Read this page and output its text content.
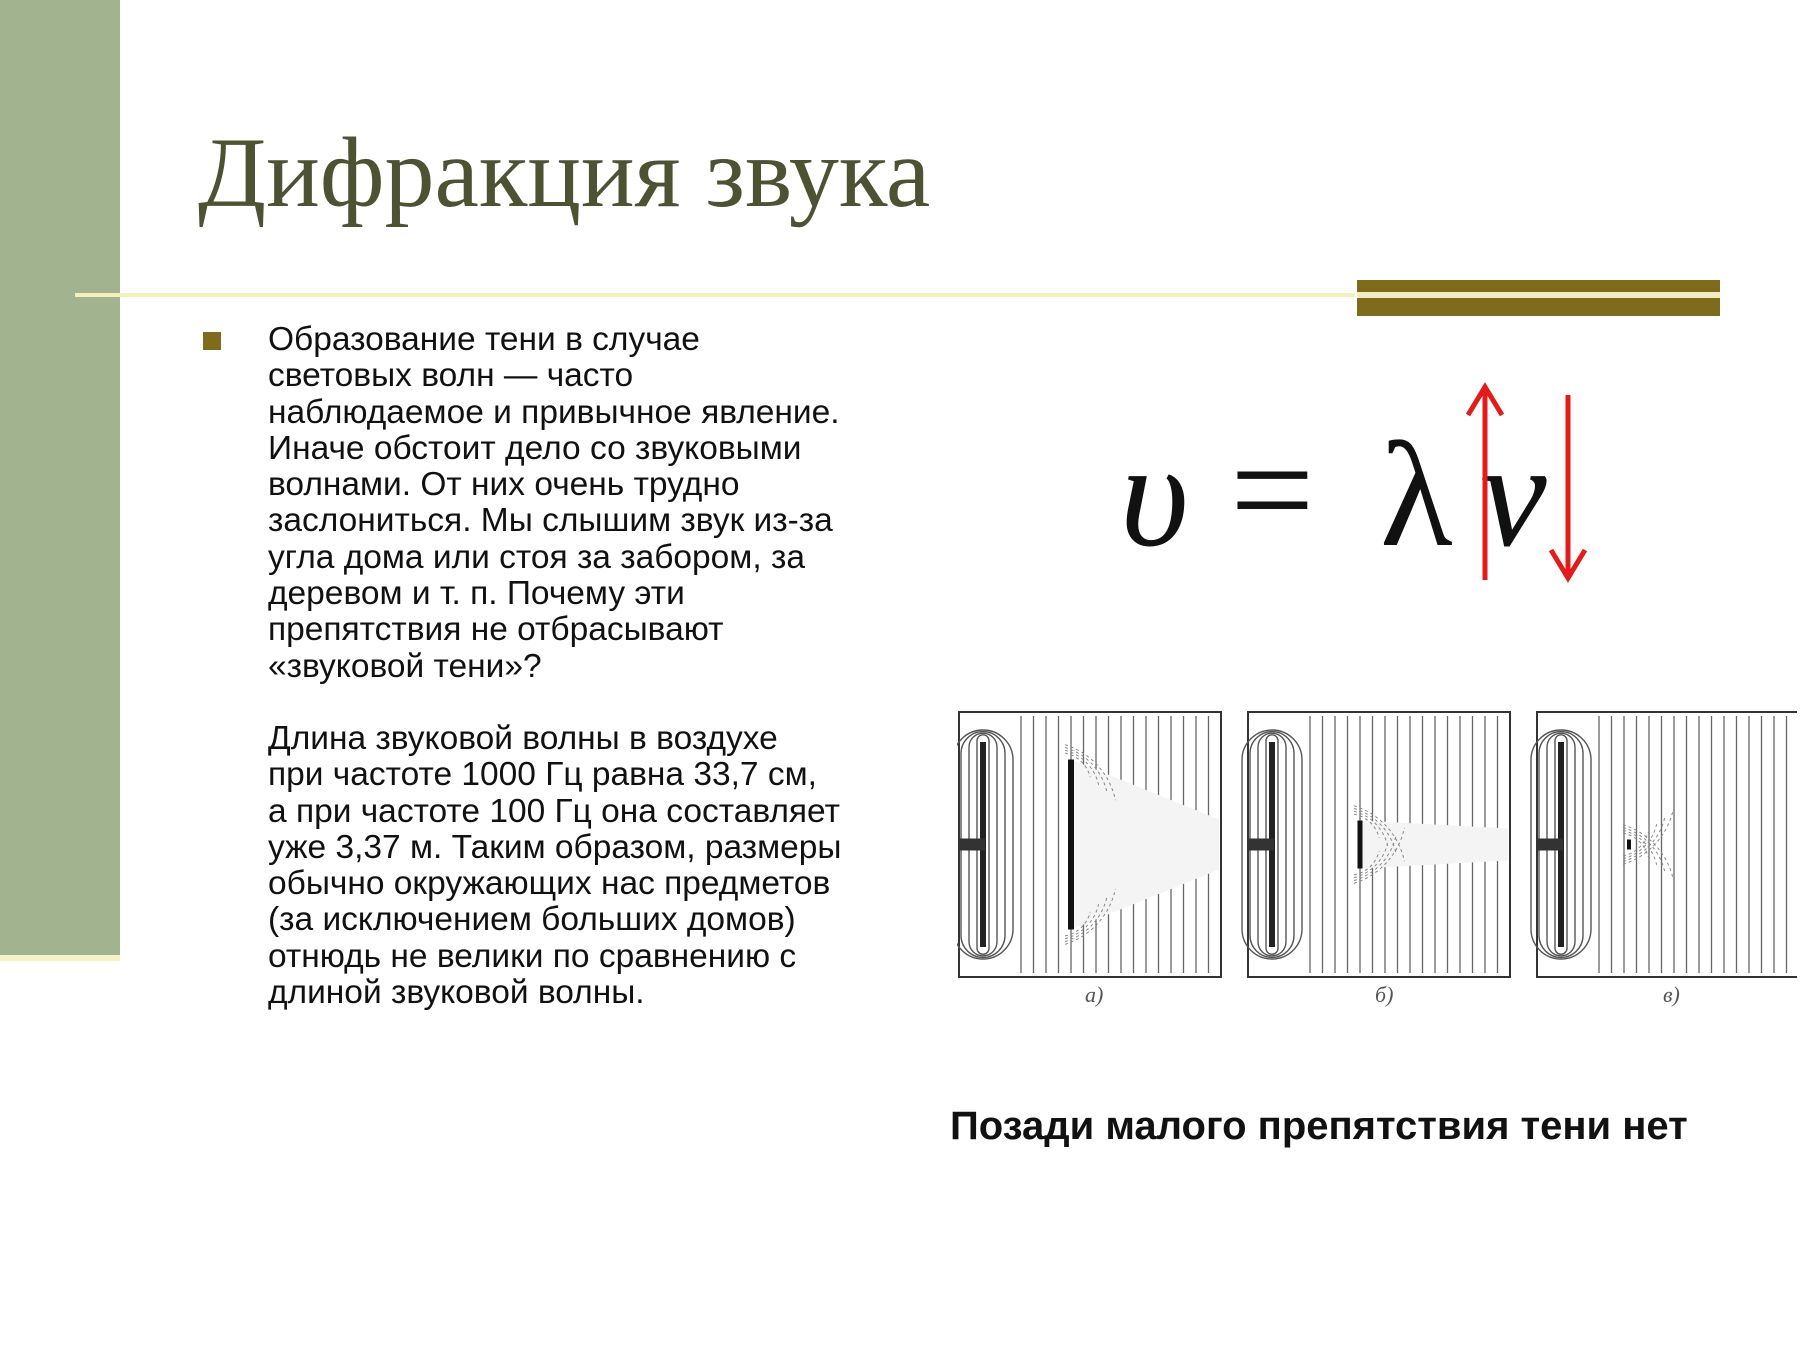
Дифракция звука

Образование тени в случае
световых волн — часто
наблюдаемое и привычное явление.
Иначе обстоит дело со звуковыми
волнами. От них очень трудно
заслониться. Мы слышим звук из-за
угла дома или стоя за забором, за
деревом и т. п. Почему эти
препятствия не отбрасывают
«звуковой тени»?

Длина звуковой волны в воздухе
при частоте 1000 Гц равна 33,7 см,
а при частоте 100 Гц она составляет
уже 3,37 м. Таким образом, размеры
обычно окружающих нас предметов
(за исключением больших домов)
отнюдь не велики по сравнению с
длиной звуковой волны.

υ = λ ν
а)	б)	в)
Позади малого препятствия тени нет
